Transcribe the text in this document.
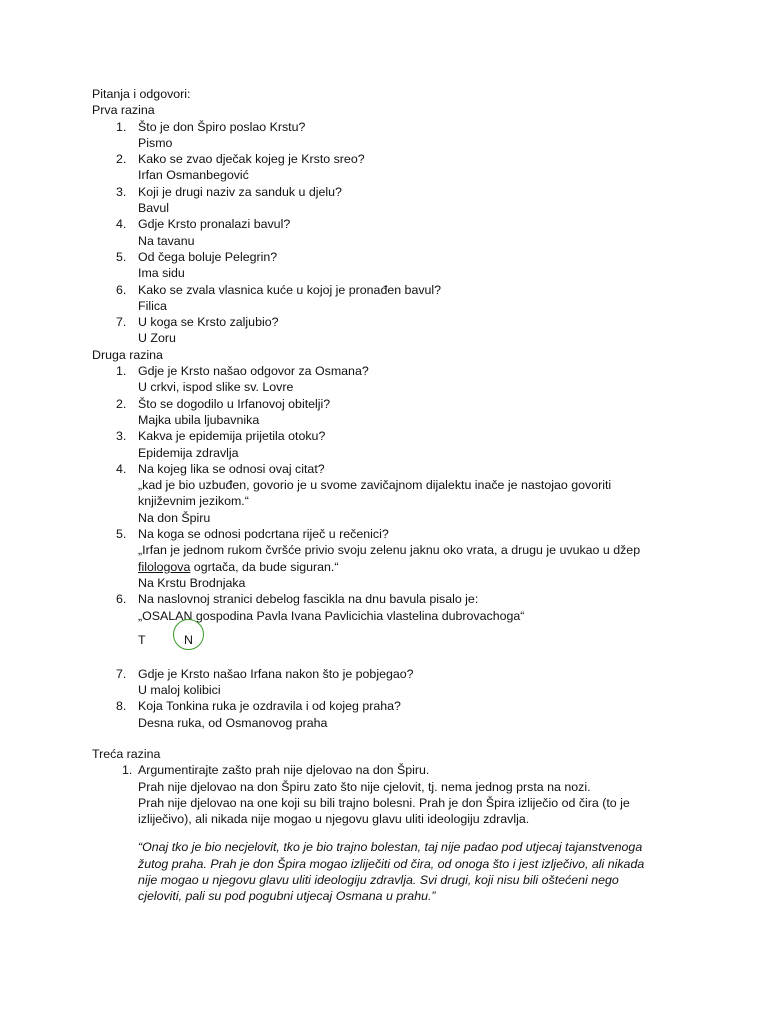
Pitanja i odgovori:

Prva razina

1. Što je don Špiro poslao Krstu?
Pismo
2. Kako se zvao dječak kojeg je Krsto sreo?
Irfan Osmanbegović
3. Koji je drugi naziv za sanduk u djelu?
Bavul
4. Gdje Krsto pronalazi bavul?
Na tavanu
5. Od čega boluje Pelegrin?
Ima sidu
6. Kako se zvala vlasnica kuće u kojoj je pronađen bavul?
Filica
7. U koga se Krsto zaljubio?
U Zoru

Druga razina

1. Gdje je Krsto našao odgovor za Osmana?
U crkvi, ispod slike sv. Lovre
2. Što se dogodilo u Irfanovoj obitelji?
Majka ubila ljubavnika
3. Kakva je epidemija prijetila otoku?
Epidemija zdravlja
4. Na kojeg lika se odnosi ovaj citat?
„kad je bio uzbuđen, govorio je u svome zavičajnom dijalektu inače je nastojao govoriti
književnim jezikom.“
Na don Špiru
5. Na koga se odnosi podcrtana riječ u rečenici?
„Irfan je jednom rukom čvršće privio svoju zelenu jaknu oko vrata, a drugu je uvukao u džep
filologova ogrtača, da bude siguran.“
Na Krstu Brodnjaka
6. Na naslovnoj stranici debelog fascikla na dnu bavula pisalo je:
„OSALAN gospodina Pavla Ivana Pavlicichia vlastelina dubrovachoga“
T	N
7. Gdje je Krsto našao Irfana nakon što je pobjegao?
U maloj kolibici
8. Koja Tonkina ruka je ozdravila i od kojeg praha?
Desna ruka, od Osmanovog praha

Treća razina

1. Argumentirajte zašto prah nije djelovao na don Špiru.
Prah nije djelovao na don Špiru zato što nije cjelovit, tj. nema jednog prsta na nozi.
Prah nije djelovao na one koji su bili trajno bolesni. Prah je don Špira izliječio od čira (to je
izliječivo), ali nikada nije mogao u njegovu glavu uliti ideologiju zdravlja.
“Onaj tko je bio necjelovit, tko je bio trajno bolestan, taj nije padao pod utjecaj tajanstvenoga
žutog praha. Prah je don Špira mogao izliječiti od čira, od onoga što i jest izlječivo, ali nikada
nije mogao u njegovu glavu uliti ideologiju zdravlja. Svi drugi, koji nisu bili oštećeni nego
cjeloviti, pali su pod pogubni utjecaj Osmana u prahu.”
